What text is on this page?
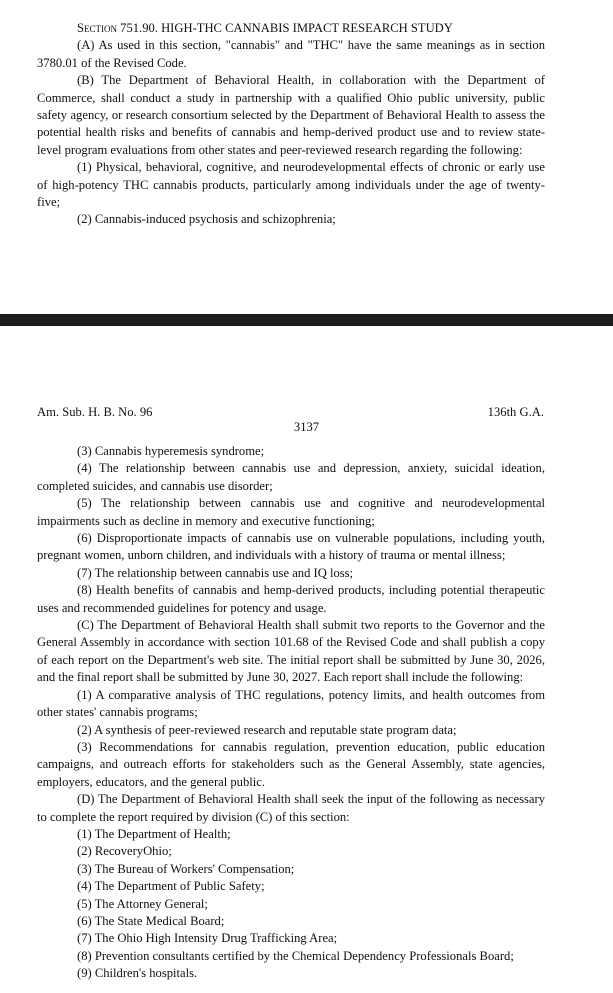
Section 751.90. HIGH-THC CANNABIS IMPACT RESEARCH STUDY

(A) As used in this section, "cannabis" and "THC" have the same meanings as in section 3780.01 of the Revised Code.

(B) The Department of Behavioral Health, in collaboration with the Department of Commerce, shall conduct a study in partnership with a qualified Ohio public university, public safety agency, or research consortium selected by the Department of Behavioral Health to assess the potential health risks and benefits of cannabis and hemp-derived product use and to review state-level program evaluations from other states and peer-reviewed research regarding the following:

(1) Physical, behavioral, cognitive, and neurodevelopmental effects of chronic or early use of high-potency THC cannabis products, particularly among individuals under the age of twenty-five;

(2) Cannabis-induced psychosis and schizophrenia;

Am. Sub. H. B. No. 96	136th G.A.
3137

(3) Cannabis hyperemesis syndrome;

(4) The relationship between cannabis use and depression, anxiety, suicidal ideation, completed suicides, and cannabis use disorder;

(5) The relationship between cannabis use and cognitive and neurodevelopmental impairments such as decline in memory and executive functioning;

(6) Disproportionate impacts of cannabis use on vulnerable populations, including youth, pregnant women, unborn children, and individuals with a history of trauma or mental illness;

(7) The relationship between cannabis use and IQ loss;

(8) Health benefits of cannabis and hemp-derived products, including potential therapeutic uses and recommended guidelines for potency and usage.

(C) The Department of Behavioral Health shall submit two reports to the Governor and the General Assembly in accordance with section 101.68 of the Revised Code and shall publish a copy of each report on the Department's web site. The initial report shall be submitted by June 30, 2026, and the final report shall be submitted by June 30, 2027. Each report shall include the following:

(1) A comparative analysis of THC regulations, potency limits, and health outcomes from other states' cannabis programs;

(2) A synthesis of peer-reviewed research and reputable state program data;

(3) Recommendations for cannabis regulation, prevention education, public education campaigns, and outreach efforts for stakeholders such as the General Assembly, state agencies, employers, educators, and the general public.

(D) The Department of Behavioral Health shall seek the input of the following as necessary to complete the report required by division (C) of this section:

(1) The Department of Health;

(2) RecoveryOhio;

(3) The Bureau of Workers' Compensation;

(4) The Department of Public Safety;

(5) The Attorney General;

(6) The State Medical Board;

(7) The Ohio High Intensity Drug Trafficking Area;

(8) Prevention consultants certified by the Chemical Dependency Professionals Board;

(9) Children's hospitals.
